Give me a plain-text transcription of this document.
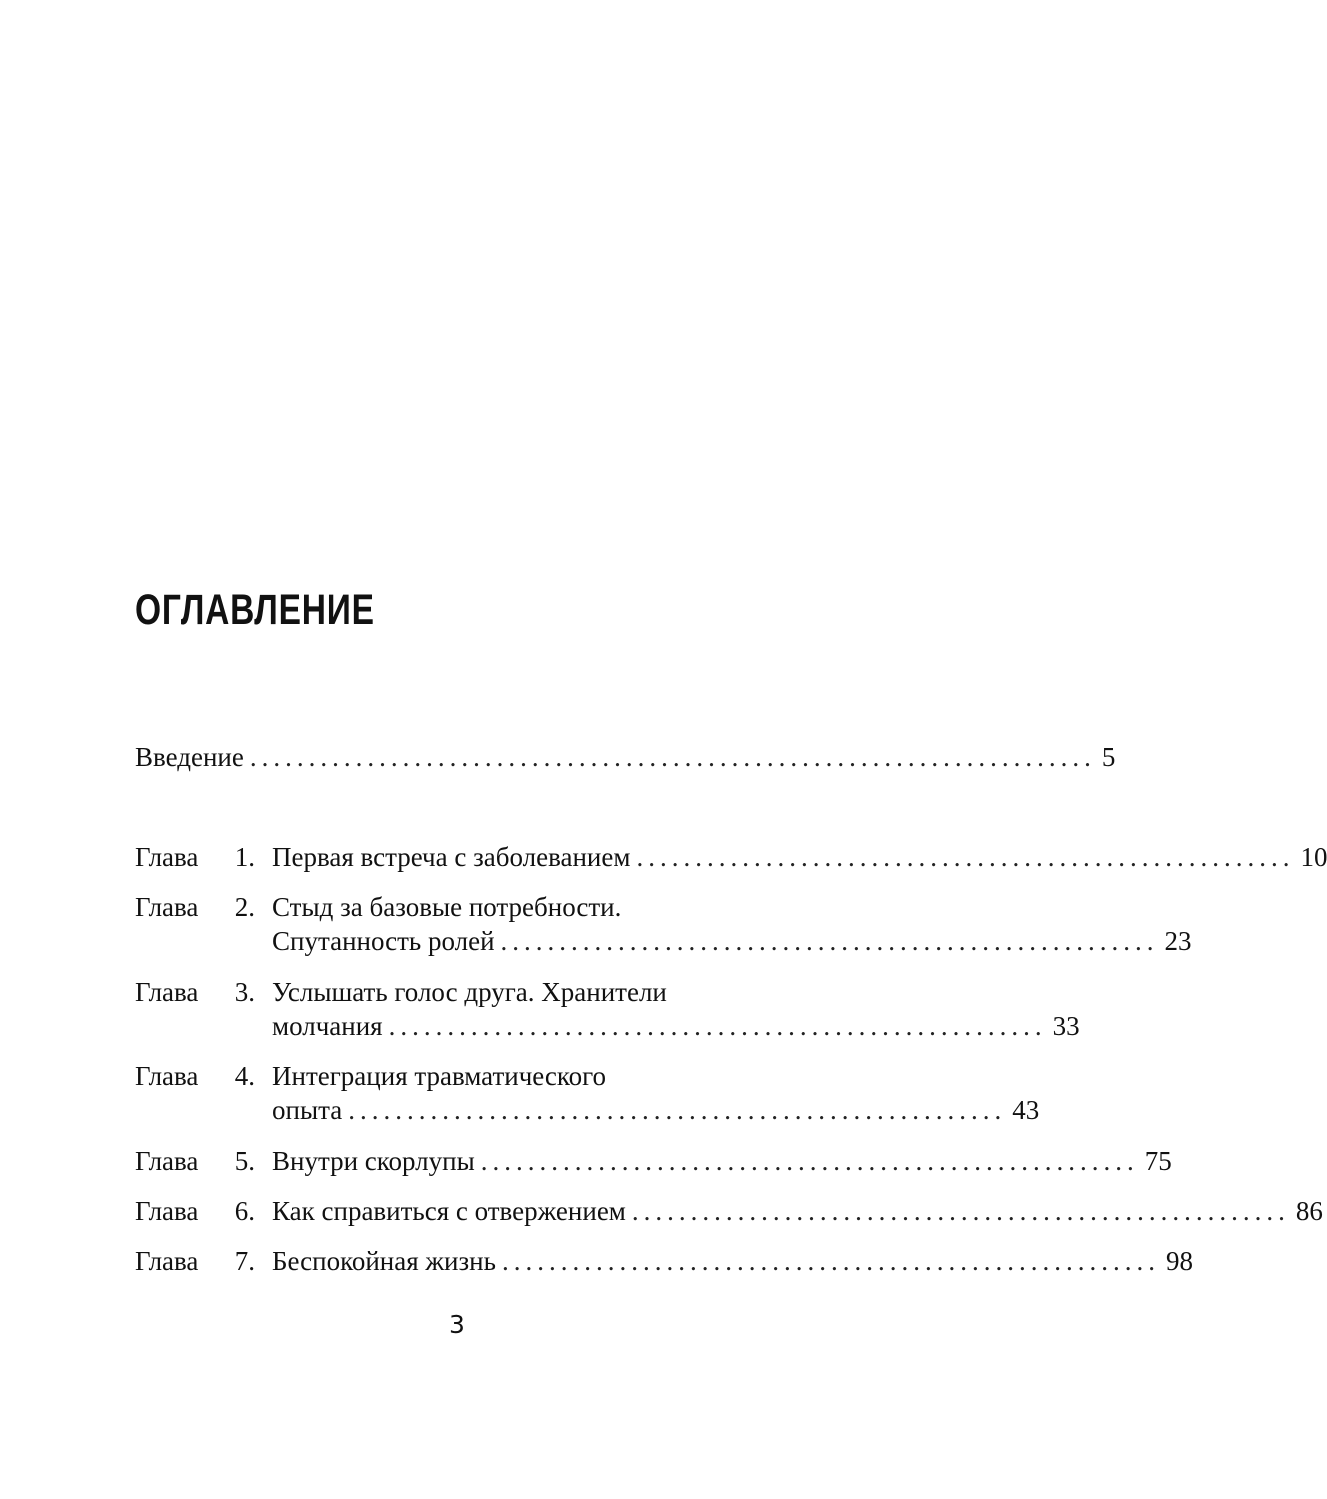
ОГЛАВЛЕНИЕ
Введение ........................................................................ 5
Глава	1. Первая встреча с заболеванием ........................................................ 10
Глава	2. Стыд за базовые потребности.
Спутанность ролей ........................................................ 23
Глава	3. Услышать голос друга. Хранители
молчания ........................................................ 33
Глава	4. Интеграция травматического
опыта ........................................................ 43
Глава	5. Внутри скорлупы ........................................................ 75
Глава	6. Как справиться с отвержением ........................................................ 86
Глава	7. Беспокойная жизнь ........................................................ 98
3
